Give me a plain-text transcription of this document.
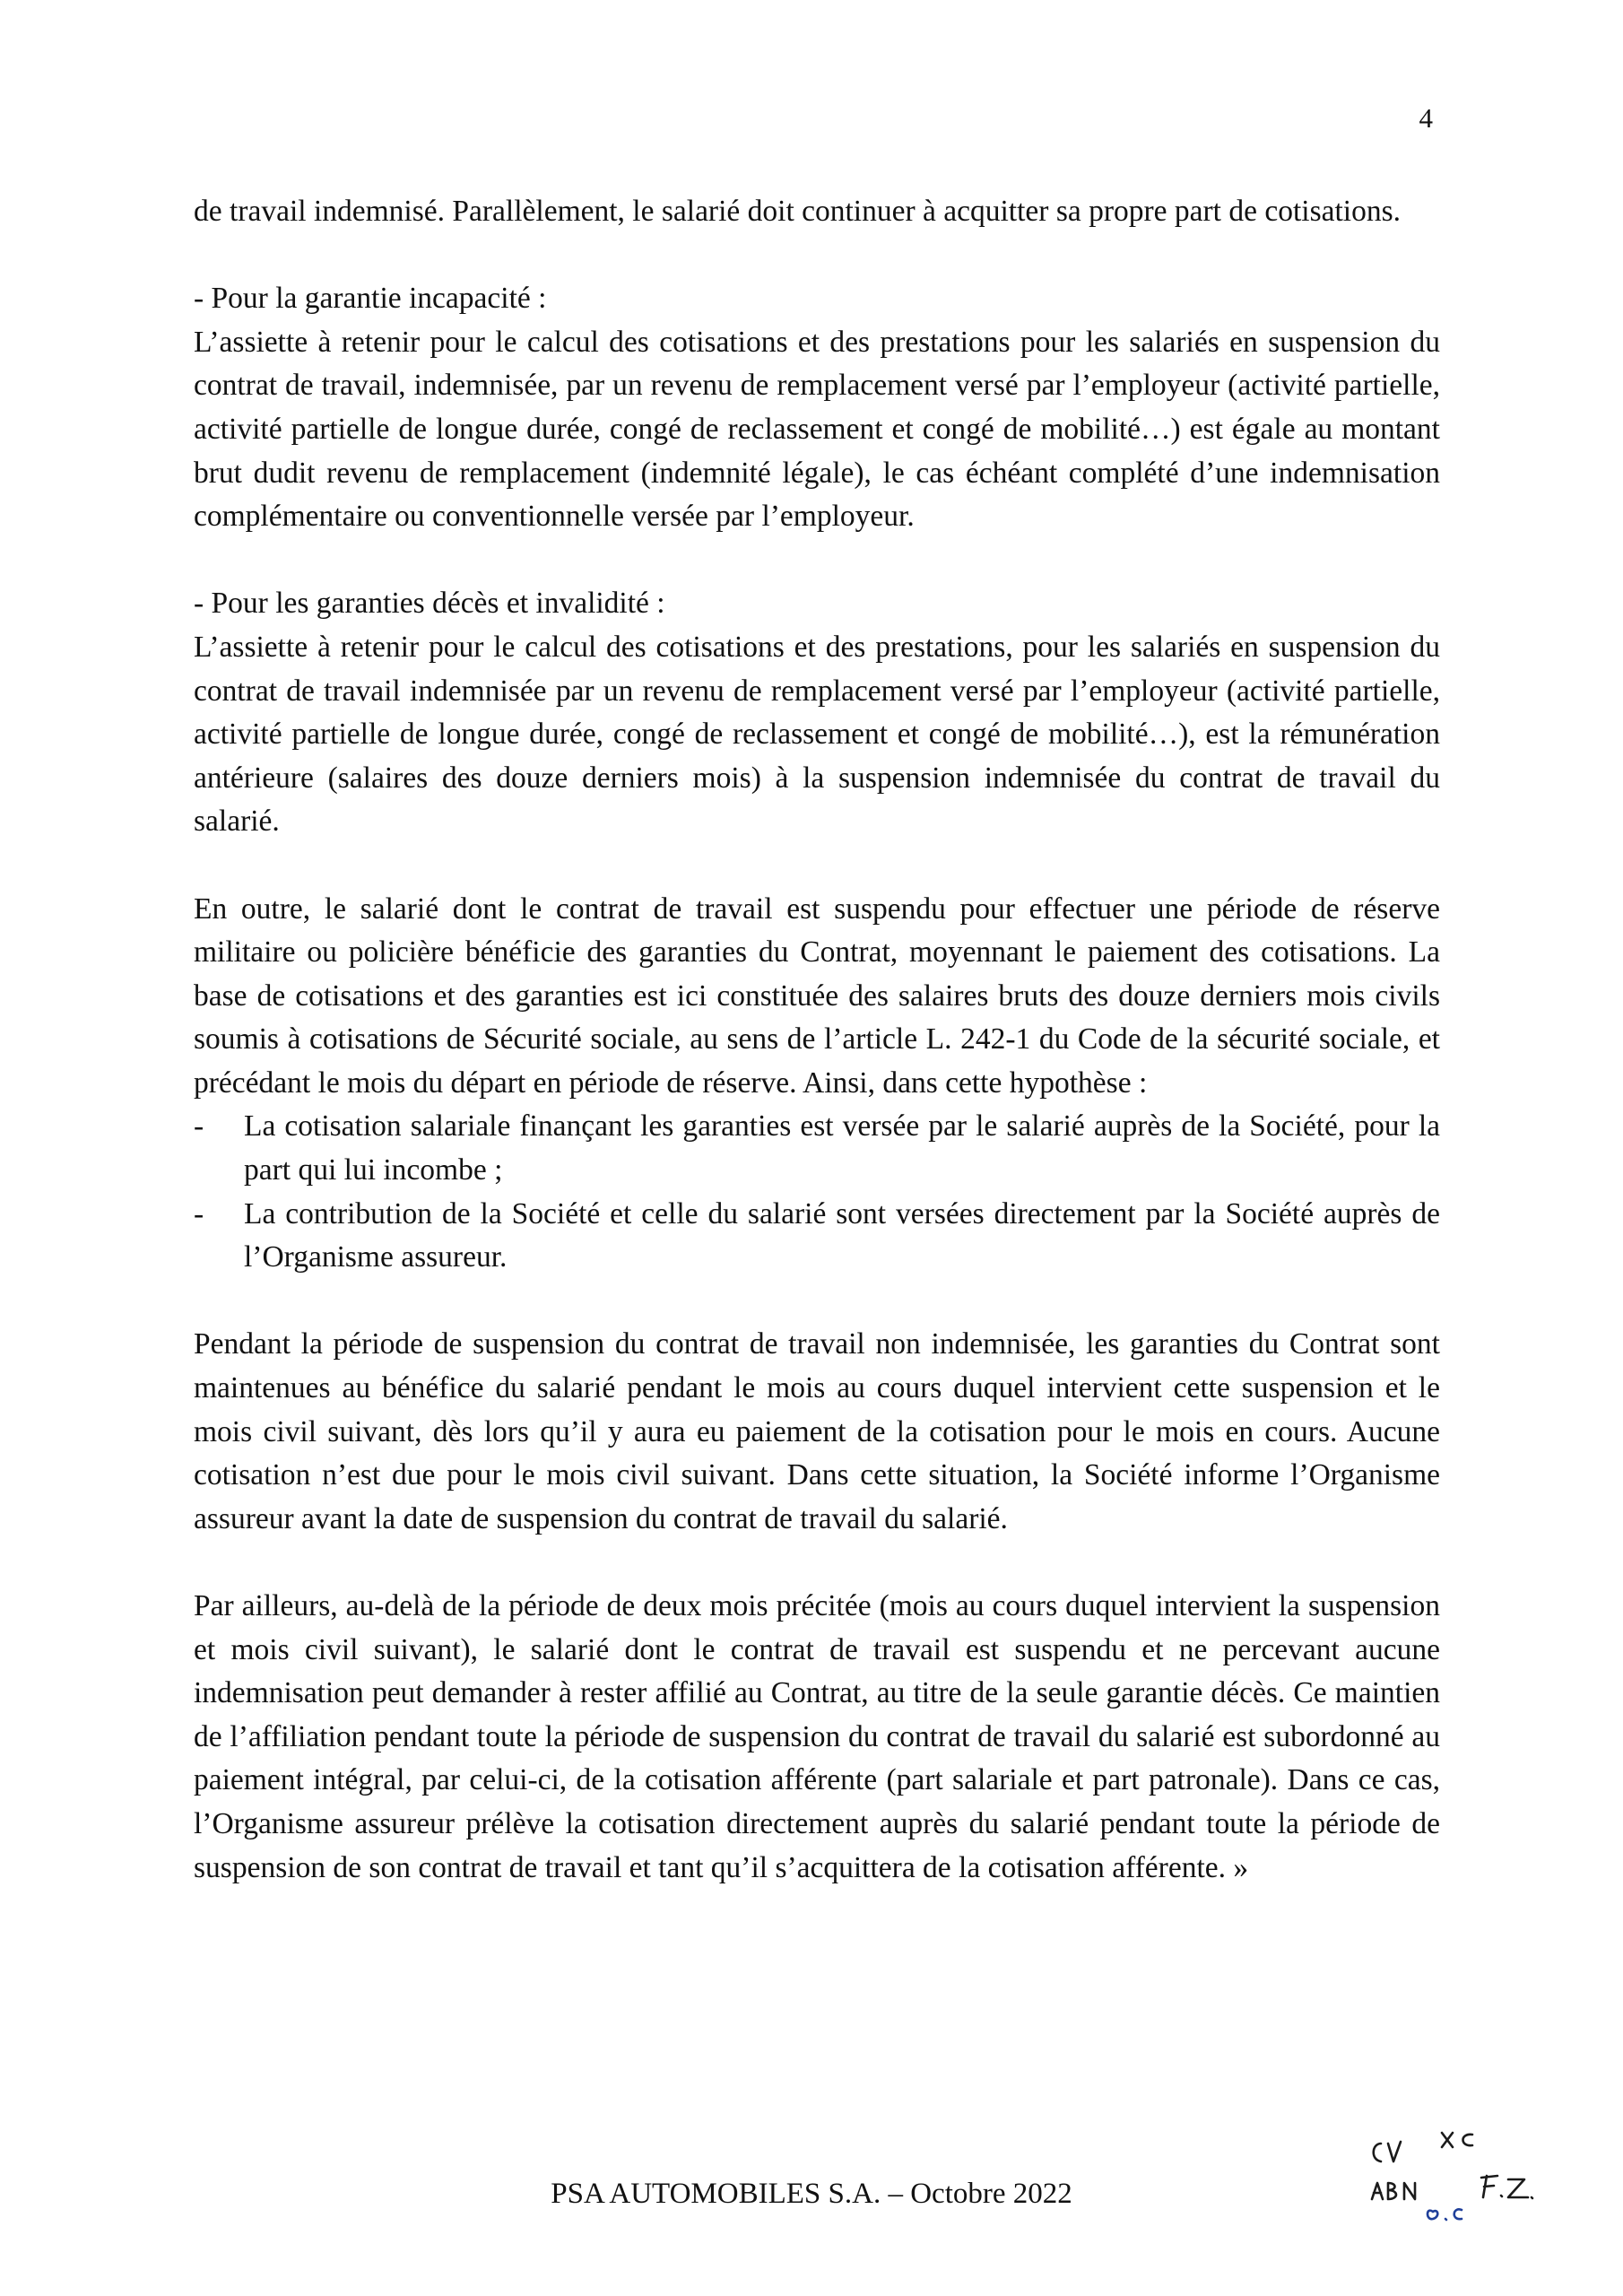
4

de travail indemnisé. Parallèlement, le salarié doit continuer à acquitter sa propre part de cotisations.

- Pour la garantie incapacité :

L’assiette à retenir pour le calcul des cotisations et des prestations pour les salariés en suspension du contrat de travail, indemnisée, par un revenu de remplacement versé par l’employeur (activité partielle, activité partielle de longue durée, congé de reclassement et congé de mobilité…) est égale au montant brut dudit revenu de remplacement (indemnité légale), le cas échéant complété d’une indemnisation complémentaire ou conventionnelle versée par l’employeur.

- Pour les garanties décès et invalidité :

L’assiette à retenir pour le calcul des cotisations et des prestations, pour les salariés en suspension du contrat de travail indemnisée par un revenu de remplacement versé par l’employeur (activité partielle, activité partielle de longue durée, congé de reclassement et congé de mobilité…), est la rémunération antérieure (salaires des douze derniers mois) à la suspension indemnisée du contrat de travail du salarié.

En outre, le salarié dont le contrat de travail est suspendu pour effectuer une période de réserve militaire ou policière bénéficie des garanties du Contrat, moyennant le paiement des cotisations. La base de cotisations et des garanties est ici constituée des salaires bruts des douze derniers mois civils soumis à cotisations de Sécurité sociale, au sens de l’article L. 242-1 du Code de la sécurité sociale, et précédant le mois du départ en période de réserve. Ainsi, dans cette hypothèse :

- La cotisation salariale finançant les garanties est versée par le salarié auprès de la Société, pour la part qui lui incombe ;
- La contribution de la Société et celle du salarié sont versées directement par la Société auprès de l’Organisme assureur.

Pendant la période de suspension du contrat de travail non indemnisée, les garanties du Contrat sont maintenues au bénéfice du salarié pendant le mois au cours duquel intervient cette suspension et le mois civil suivant, dès lors qu’il y aura eu paiement de la cotisation pour le mois en cours. Aucune cotisation n’est due pour le mois civil suivant. Dans cette situation, la Société informe l’Organisme assureur avant la date de suspension du contrat de travail du salarié.

Par ailleurs, au-delà de la période de deux mois précitée (mois au cours duquel intervient la suspension et mois civil suivant), le salarié dont le contrat de travail est suspendu et ne percevant aucune indemnisation peut demander à rester affilié au Contrat, au titre de la seule garantie décès. Ce maintien de l’affiliation pendant toute la période de suspension du contrat de travail du salarié est subordonné au paiement intégral, par celui-ci, de la cotisation afférente (part salariale et part patronale). Dans ce cas, l’Organisme assureur prélève la cotisation directement auprès du salarié pendant toute la période de suspension de son contrat de travail et tant qu’il s’acquittera de la cotisation afférente. »

PSA AUTOMOBILES S.A. – Octobre 2022
